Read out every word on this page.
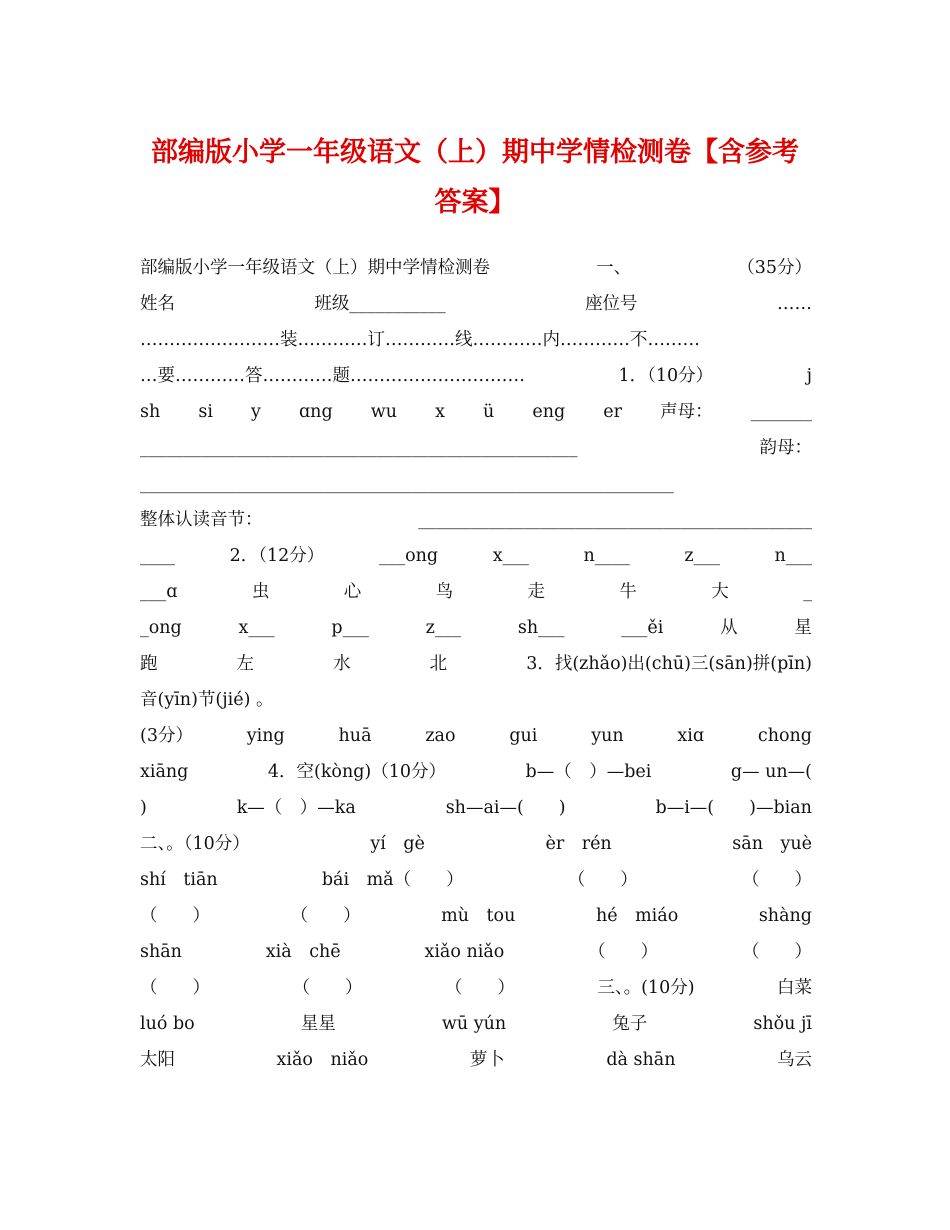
部编版小学一年级语文（上）期中学情检测卷【含参考
答案】
部编版小学一年级语文（上）期中学情检测卷	一、	（35分）
姓名	班级___________	座位号	……
……………………装…………订…………线…………内…………不………
…要…………答…………题…………………………	1．（10分）	j
sh si y ɑng wu x ü eng er 声母： _______
__________________________________________________	韵母：
_____________________________________________________________
整体认读音节：	_____________________________________________
____	2．（12分）	___ong	x___	n____	z___	n___
___ɑ	虫	心	鸟	走	牛	大	_
_ong	x___	p___	z___	sh___	___ěi	从	星
跑	左	水	北	3．找(zhǎo)出(chū)三(sān)拼(pīn)
音(yīn)节(jié) 。
(3分）	ying	huā	zao	gui	yun	xiɑ	chong
xiāng	4．空(kòng)（10分）	b—（　）—bei	g— un—(
)	k—（　）—ka	sh—ai—(　　)	b—i—(　　)—bian
二、。（10分）	yí　gè	èr　rén	sān　yuè
shí　tiān	bái　mǎ（　　）	（　　）	（　　）
（　　）	（　　）	mù　tou	hé　miáo	shàng
shān	xià　chē	xiǎo niǎo	（　　）	（　　）
（　　）	（　　）	（　　）	三、。(10分)	白菜
luó bo	星星	wū yún	兔子	shǒu jī
太阳	xiǎo　niǎo	萝卜	dà shān	乌云
